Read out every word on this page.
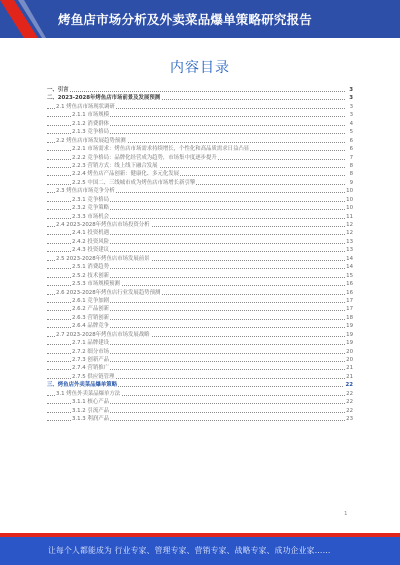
烤鱼店市场分析及外卖菜品爆单策略研究报告
内容目录
一、引言	3
二、2023-2028年烤鱼店市场前景及发展预测	3
2.1 烤鱼店市场现状调研	3
2.1.1 市场规模	3
2.1.2 消费群体	4
2.1.3 竞争格局	5
2.2 烤鱼店市场发展趋势预测	6
2.2.1 市场需求：烤鱼店市场需求持续增长，个性化和高品质需求日益凸显	6
2.2.2 竞争格局：品牌化经营成为趋势，市场集中度逐步提升	7
2.2.3 营销方式：线上线下融合发展	8
2.2.4 烤鱼店产品创新：健康化、多元化发展	8
2.2.5 中国二、三线城市成为烤鱼店市场增长新引擎	9
2.3 烤鱼店市场竞争分析	10
2.3.1 竞争格局	10
2.3.2 竞争策略	10
2.3.3 市场机会	11
2.4 2023-2028年烤鱼店市场投资分析	12
2.4.1 投资机遇	12
2.4.2 投资风险	13
2.4.3 投资建议	13
2.5 2023-2028年烤鱼店市场发展前景	14
2.5.1 消费趋势	14
2.5.2 技术创新	15
2.5.3 市场规模预测	16
2.6 2023-2028年烤鱼店行业发展趋势预测	16
2.6.1 竞争加剧	17
2.6.2 产品创新	17
2.6.3 营销创新	18
2.6.4 品牌竞争	19
2.7 2023-2028年烤鱼店市场发展战略	19
2.7.1 品牌建设	19
2.7.2 细分市场	20
2.7.3 创新产品	20
2.7.4 营销推广	21
2.7.5 供应链管理	21
三、烤鱼店外卖菜品爆单策略	22
3.1 烤鱼外卖菜品爆单方法	22
3.1.1 核心产品	22
3.1.2 引流产品	22
3.1.3 利润产品	23
1
让每个人都能成为 行业专家、管理专家、营销专家、战略专家、成功企业家……
